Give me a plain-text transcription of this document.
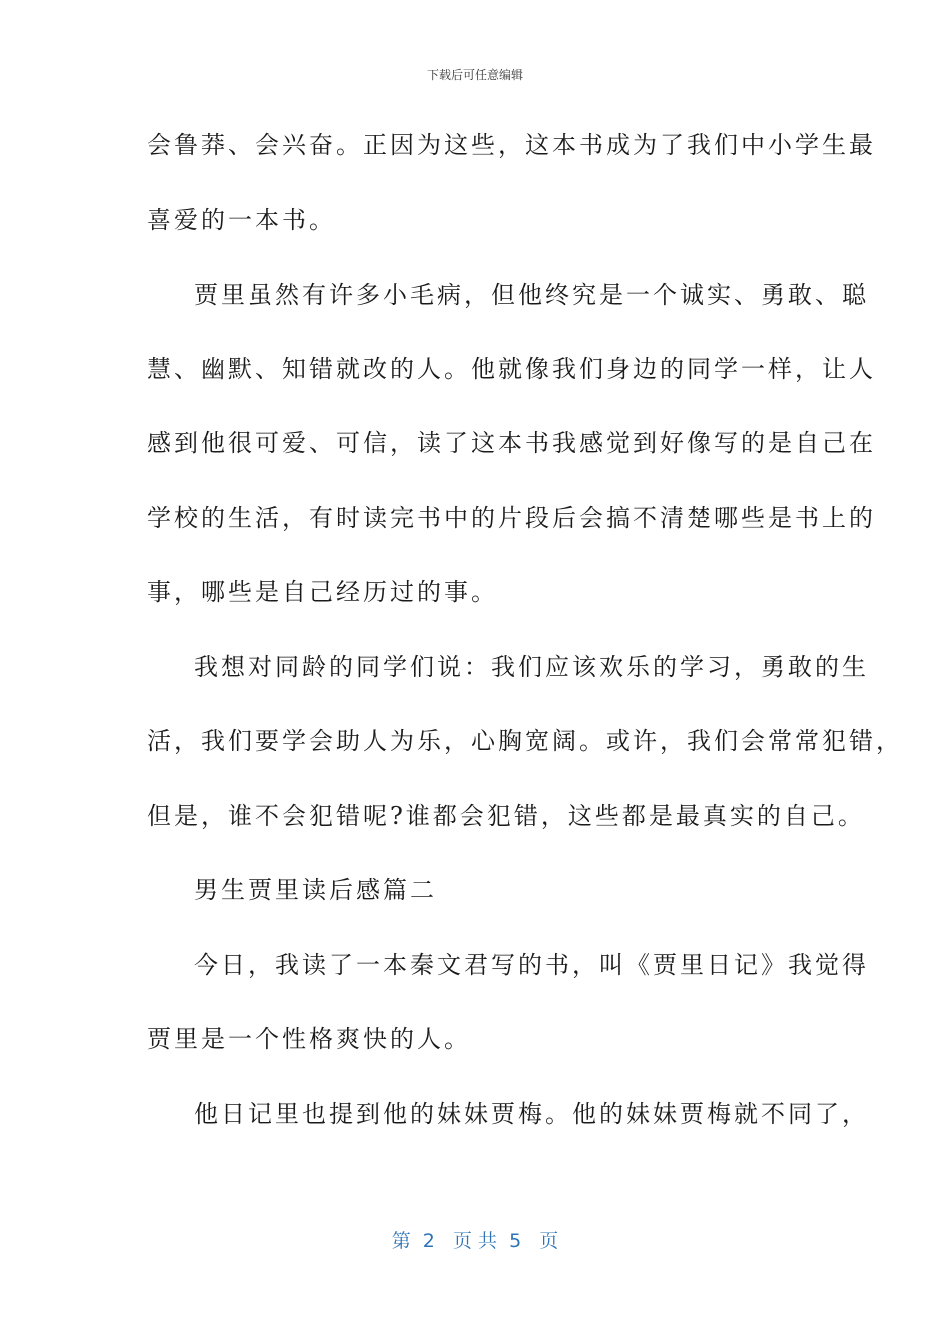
下载后可任意编辑
会鲁莽、会兴奋。正因为这些，这本书成为了我们中小学生最
喜爱的一本书。
贾里虽然有许多小毛病，但他终究是一个诚实、勇敢、聪
慧、幽默、知错就改的人。他就像我们身边的同学一样，让人
感到他很可爱、可信，读了这本书我感觉到好像写的是自己在
学校的生活，有时读完书中的片段后会搞不清楚哪些是书上的
事，哪些是自己经历过的事。
我想对同龄的同学们说：我们应该欢乐的学习，勇敢的生
活，我们要学会助人为乐，心胸宽阔。或许，我们会常常犯错，
但是，谁不会犯错呢?谁都会犯错，这些都是最真实的自己。
男生贾里读后感篇二
今日，我读了一本秦文君写的书，叫《贾里日记》我觉得
贾里是一个性格爽快的人。
他日记里也提到他的妹妹贾梅。他的妹妹贾梅就不同了，
第  2   页 共  5   页
